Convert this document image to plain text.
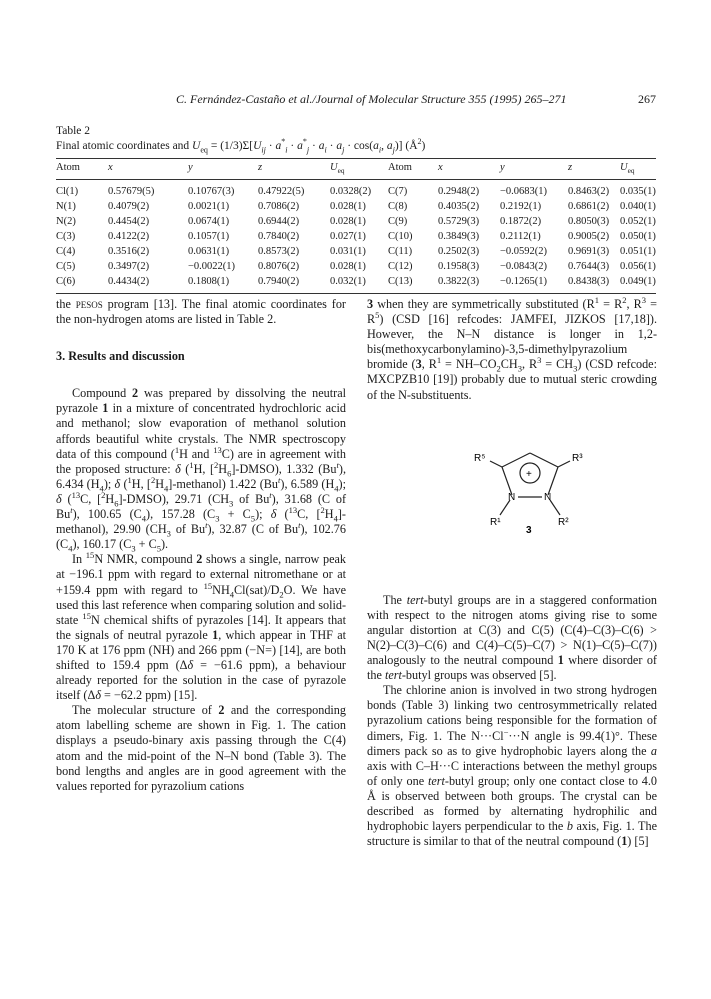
C. Fernández-Castaño et al./Journal of Molecular Structure 355 (1995) 265–271	267
Table 2
Final atomic coordinates and $U_{eq} = (1/3)\Sigma[U_{ij} \cdot a^*_i \cdot a^*_j \cdot a_i \cdot a_j \cdot \cos(a_i$, $a_j$)] $(Å^2)$
Atom	x	y	z	$U_{eq}$	Atom	x	y	z	$U_{eq}$
Cl(1)	0.57679(5)	0.10767(3)	0.47922(5)	0.0328(2)	C(7)	0.2948(2)	−0.0683(1)	0.8463(2)	0.035(1)
N(1)	0.4079(2)	0.0021(1)	0.7086(2)	0.028(1)	C(8)	0.4035(2)	0.2192(1)	0.6861(2)	0.040(1)
N(2)	0.4454(2)	0.0674(1)	0.6944(2)	0.028(1)	C(9)	0.5729(3)	0.1872(2)	0.8050(3)	0.052(1)
C(3)	0.4122(2)	0.1057(1)	0.7840(2)	0.027(1)	C(10)	0.3849(3)	0.2112(1)	0.9005(2)	0.050(1)
C(4)	0.3516(2)	0.0631(1)	0.8573(2)	0.031(1)	C(11)	0.2502(3)	−0.0592(2)	0.9691(3)	0.051(1)
C(5)	0.3497(2)	−0.0022(1)	0.8076(2)	0.028(1)	C(12)	0.1958(3)	−0.0843(2)	0.7644(3)	0.056(1)
C(6)	0.4434(2)	0.1808(1)	0.7940(2)	0.032(1)	C(13)	0.3822(3)	−0.1265(1)	0.8438(3)	0.049(1)

the pesos program [13]. The final atomic coordinates for the non-hydrogen atoms are listed in Table 2.

3. Results and discussion

Compound 2 was prepared by dissolving the neutral pyrazole 1 in a mixture of concentrated hydrochloric acid and methanol; slow evaporation of methanol solution affords beautiful white crystals. The NMR spectroscopy data of this compound ($^1$H and $^{13}$C) are in agreement with the proposed structure: δ ($^1$H, $[^2H_6]-DMSO$), 1.332 (Bu$^t$), 6.434 $(H_4)$; δ ($^1$H, $[^2H_4]-methanol$) 1.422 (Bu$^t$), 6.589 $(H_4)$; δ ($^{13}$C, $[^2H_6]-DMSO$), 29.71 ($CH_3$ of Bu$^t$), 31.68 (C of Bu$^t$), 100.65 $(C_4)$, 157.28 $(C_3 + C_5)$; δ ($^{13}$C, $[^2H_4]-methanol$), 29.90 ($CH_3$ of Bu$^t$), 32.87 (C of Bu$^t$), 102.76 $(C_4)$, 160.17 $(C_3 + C_5)$.

In $^{15}$N NMR, compound 2 shows a single, narrow peak at −196.1 ppm with regard to external nitromethane or at +159.4 ppm with regard to $^{15}NH_4Cl(sat)/D_2O$. We have used this last reference when comparing solution and solid-state $^{15}$N chemical shifts of pyrazoles [14]. It appears that the signals of neutral pyrazole 1, which appear in THF at 170 K at 176 ppm (NH) and 266 ppm (−N=) [14], are both shifted to 159.4 ppm (Δδ = −61.6 ppm), a behaviour already reported for the solution in the case of pyrazole itself (Δδ = −62.2 ppm) [15].

The molecular structure of 2 and the corresponding atom labelling scheme are shown in Fig. 1. The cation displays a pseudo-binary axis passing through the C(4) atom and the mid-point of the N–N bond (Table 3). The bond lengths and angles are in good agreement with the values reported for pyrazolium cations

3 when they are symmetrically substituted ($R^1 = R^2$, $R^3 = R^5$) (CSD [16] refcodes: JAMFEI, JIZKOS [17,18]). However, the N–N distance is longer in 1,2-bis(methoxycarbonylamino)-3,5-dimethylpyrazolium bromide (3, $R^1 = NH-CO_2CH_3$, $R^3 = CH_3$) (CSD refcode: MXCPZB10 [19]) probably due to mutual steric crowding of the N-substituents.

The tert-butyl groups are in a staggered conformation with respect to the nitrogen atoms giving rise to some angular distortion at C(3) and C(5) (C(4)–C(3)–C(6) > N(2)–C(3)–C(6) and C(4)–C(5)–C(7) > N(1)–C(5)–C(7)) analogously to the neutral compound 1 where disorder of the tert-butyl groups was observed [5].

The chlorine anion is involved in two strong hydrogen bonds (Table 3) linking two centrosymmetrically related pyrazolium cations being responsible for the formation of dimers, Fig. 1. The N···Cl−···N angle is 99.4(1)°. These dimers pack so as to give hydrophobic layers along the a axis with C–H···C interactions between the methyl groups of only one tert-butyl group; only one contact close to 4.0 Å is observed between both groups. The crystal can be described as formed by alternating hydrophilic and hydrophobic layers perpendicular to the b axis, Fig. 1. The structure is similar to that of the neutral compound (1) [5]

R⁵	R³
+
N	N
R¹	R²
3
